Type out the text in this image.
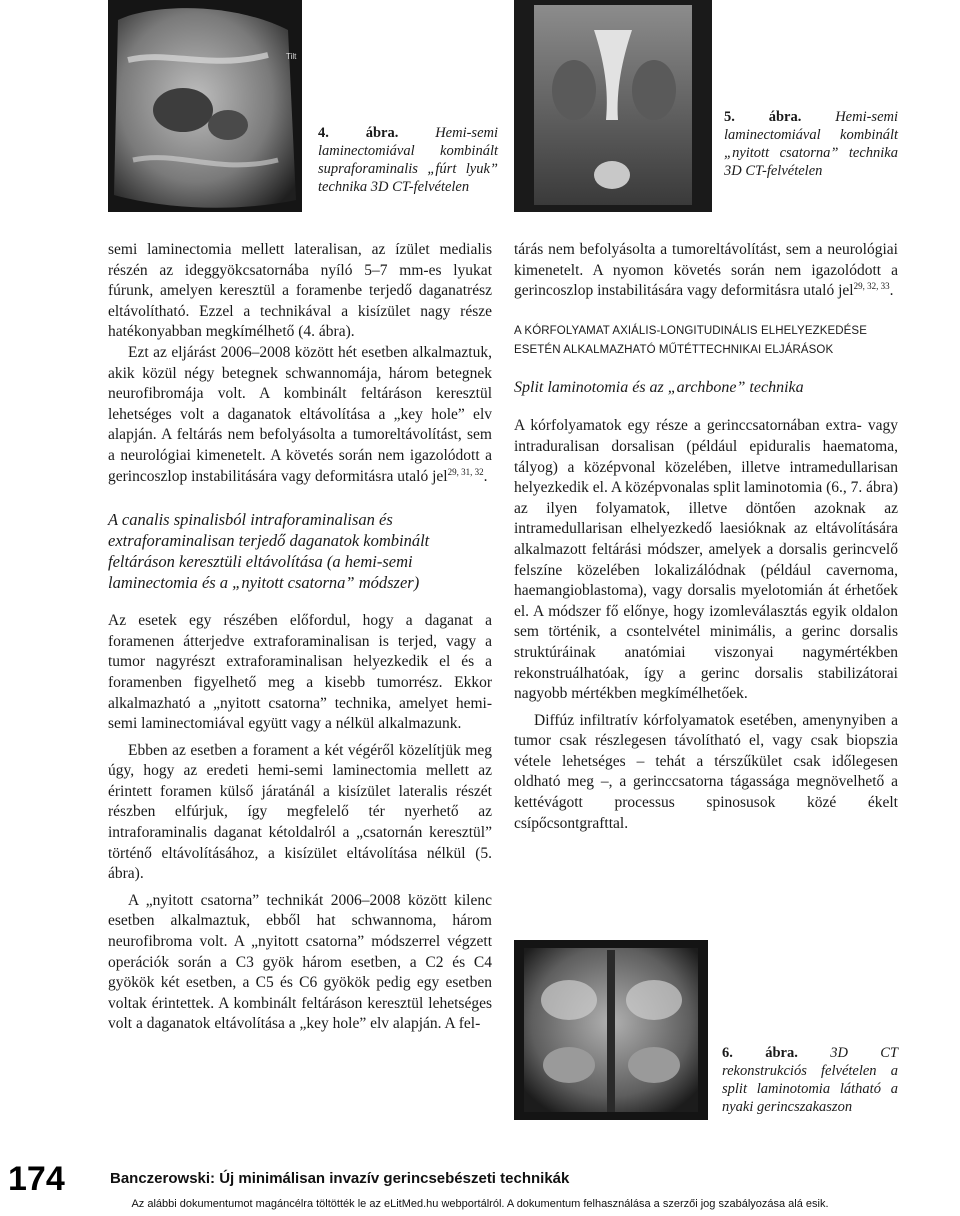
Tilt
4. ábra.	Hemi-semi laminectomiával kombinált supraforaminalis „fúrt lyuk” technika 3D CT-felvételen
5. ábra. Hemi-semi laminectomiával kombinált „nyitott csatorna” technika 3D CT-felvételen

semi laminectomia mellett lateralisan, az ízület medialis részén az ideggyökcsatornába nyíló 5–7 mm-es lyukat fúrunk, amelyen keresztül a foramenbe terjedő daganatrész eltávolítható. Ezzel a technikával a kisízület nagy része hatékonyabban megkímélhető (4. ábra).

Ezt az eljárást 2006–2008 között hét esetben alkalmaztuk, akik közül négy betegnek schwannomája, három betegnek neurofibromája volt. A kombinált feltáráson keresztül lehetséges volt a daganatok eltávolítása a „key hole” elv alapján. A feltárás nem befolyásolta a tumoreltávolítást, sem a neurológiai kimenetelt. A követés során nem igazolódott a gerincoszlop instabilitására vagy deformitásra utaló jel$^{29, 31, 32}$.

A canalis spinalisból intraforaminalisan és extraforaminalisan terjedő daganatok kombinált feltáráson keresztüli eltávolítása (a hemi-semi laminectomia és a „nyitott csatorna” módszer)

Az esetek egy részében előfordul, hogy a daganat a foramenen átterjedve extraforaminalisan is terjed, vagy a tumor nagyrészt extraforaminalisan helyezkedik el és a foramenben figyelhető meg a kisebb tumorrész. Ekkor alkalmazható a „nyitott csatorna” technika, amelyet hemi-semi laminectomiával együtt vagy a nélkül alkalmazunk.

Ebben az esetben a forament a két végéről közelítjük meg úgy, hogy az eredeti hemi-semi laminectomia mellett az érintett foramen külső járatánál a kisízület lateralis részét részben elfúrjuk, így megfelelő tér nyerhető az intraforaminalis daganat kétoldalról a „csatornán keresztül” történő eltávolításához, a kisízület eltávolítása nélkül (5. ábra).

A „nyitott csatorna” technikát 2006–2008 között kilenc esetben alkalmaztuk, ebből hat schwannoma, három neurofibroma volt. A „nyitott csatorna” módszerrel végzett operációk során a C3 gyök három esetben, a C2 és C4 gyökök két esetben, a C5 és C6 gyökök pedig egy esetben voltak érintettek. A kombinált feltáráson keresztül lehetséges volt a daganatok eltávolítása a „key hole” elv alapján. A fel-

tárás nem befolyásolta a tumoreltávolítást, sem a neurológiai kimenetelt. A nyomon követés során nem igazolódott a gerincoszlop instabilitására vagy deformitásra utaló jel$^{29, 32, 33}$.

A KÓRFOLYAMAT AXIÁLIS-LONGITUDINÁLIS ELHELYEZKEDÉSE ESETÉN ALKALMAZHATÓ MŰTÉTTECHNIKAI ELJÁRÁSOK

Split laminotomia és az „archbone” technika

A kórfolyamatok egy része a gerinccsatornában extra- vagy intraduralisan dorsalisan (például epiduralis haematoma, tályog) a középvonal közelében, illetve intramedullarisan helyezkedik el. A középvonalas split laminotomia (6., 7. ábra) az ilyen folyamatok, illetve döntően azoknak az intramedullarisan elhelyezkedő laesióknak az eltávolítására alkalmazott feltárási módszer, amelyek a dorsalis gerincvelő felszíne közelében lokalizálódnak (például cavernoma, haemangioblastoma), vagy dorsalis myelotomián át érhetőek el. A módszer fő előnye, hogy izomleválasztás egyik oldalon sem történik, a csontelvétel minimális, a gerinc dorsalis struktúráinak anatómiai viszonyai nagymértékben rekonstruálhatóak, így a gerinc dorsalis stabilizátorai nagyobb mértékben megkímélhetőek.

Diffúz infiltratív kórfolyamatok esetében, amenynyiben a tumor csak részlegesen távolítható el, vagy csak biopszia vétele lehetséges – tehát a térszűkület csak időlegesen oldható meg –, a gerinccsatorna tágassága megnövelhető a kettévágott processus spinosusok közé ékelt csípőcsontgrafttal.

6. ábra. 3D CT rekonstrukciós felvételen a split laminotomia látható a nyaki gerincszakaszon
174	Banczerowski: Új minimálisan invazív gerincsebészeti technikák
Az alábbi dokumentumot magáncélra töltötték le az eLitMed.hu webportálról. A dokumentum felhasználása a szerzői jog szabályozása alá esik.
